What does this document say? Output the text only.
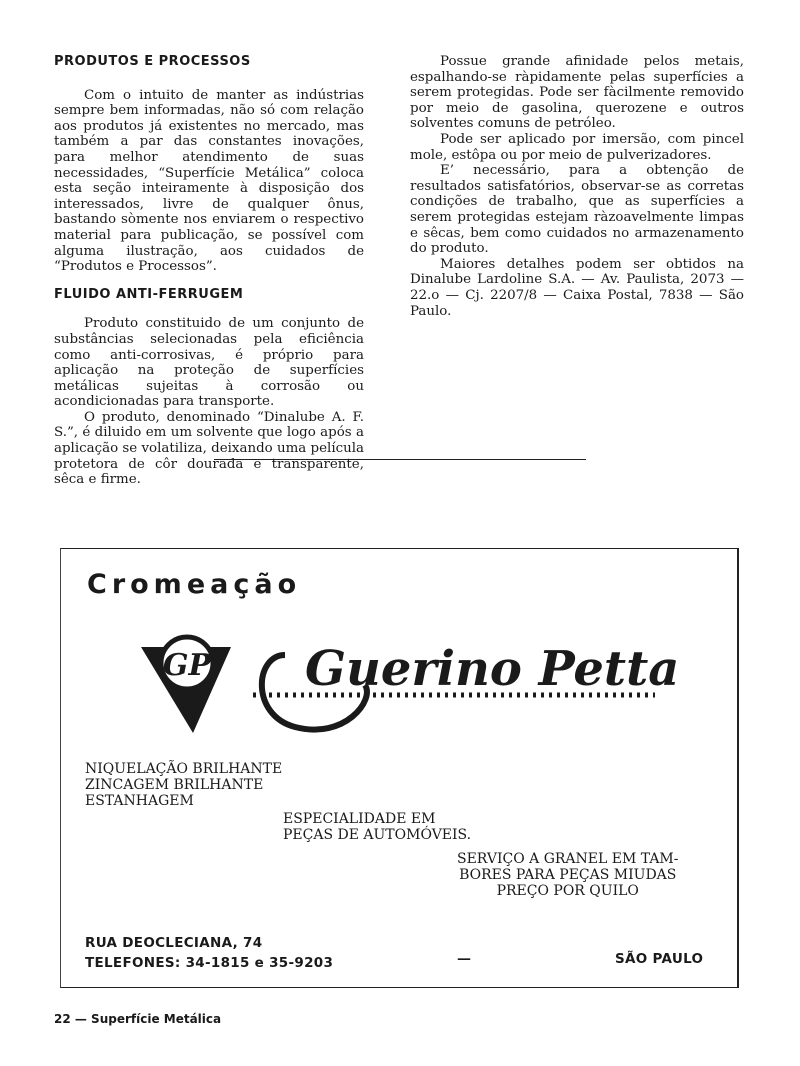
PRODUTOS E PROCESSOS

Com o intuito de manter as indústrias sempre bem informadas, não só com relação aos produtos já existentes no mercado, mas também a par das constantes inovações, para melhor atendimento de suas necessidades, “Superfície Metálica” coloca esta seção inteiramente à disposição dos interessados, livre de qualquer ônus, bastando sòmente nos enviarem o respectivo material para publicação, se possível com alguma ilustração, aos cuidados de “Produtos e Processos”.

FLUIDO ANTI-FERRUGEM

Produto constituido de um conjunto de substâncias selecionadas pela eficiência como anti-corrosivas, é próprio para aplicação na proteção de superfícies metálicas sujeitas à corrosão ou acondicionadas para transporte.

O produto, denominado “Dinalube A. F. S.”, é diluido em um solvente que logo após a aplicação se volatiliza, deixando uma película protetora de côr dourada e transparente, sêca e firme.

Possue grande afinidade pelos metais, espalhando-se ràpidamente pelas superfícies a serem protegidas. Pode ser fàcilmente removido por meio de gasolina, querozene e outros solventes comuns de petróleo.

Pode ser aplicado por imersão, com pincel mole, estôpa ou por meio de pulverizadores.

E’ necessário, para a obtenção de resultados satisfatórios, observar-se as corretas condições de trabalho, que as superfícies a serem protegidas estejam ràzoavelmente limpas e sêcas, bem como cuidados no armazenamento do produto.

Maiores detalhes podem ser obtidos na Dinalube Lardoline S.A. — Av. Paulista, 2073 — 22.o — Cj. 2207/8 — Caixa Postal, 7838 — São Paulo.

Cromeação
GP Guerino Petta
NIQUELAÇÃO BRILHANTE
ZINCAGEM BRILHANTE
ESTANHAGEM
ESPECIALIDADE EM
PEÇAS DE AUTOMÓVEIS.
SERVIÇO A GRANEL EM TAM-
BORES PARA PEÇAS MIUDAS
PREÇO POR QUILO
RUA DEOCLECIANA, 74
TELEFONES: 34-1815 e 35-9203	—	SÃO PAULO
22 — Superfície Metálica
